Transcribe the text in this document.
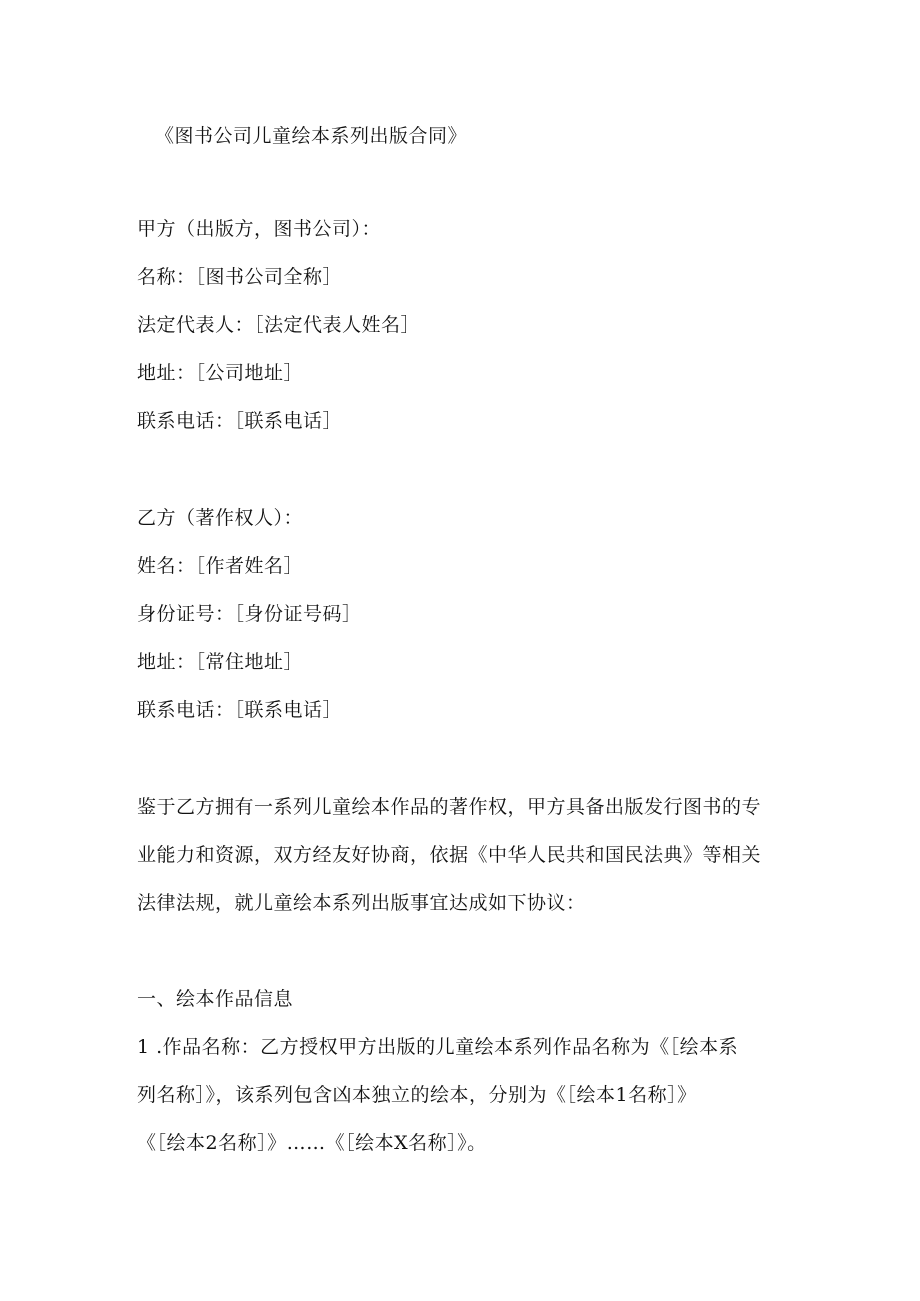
《图书公司儿童绘本系列出版合同》
甲方（出版方，图书公司）：
名称：［图书公司全称］
法定代表人：［法定代表人姓名］
地址：［公司地址］
联系电话：［联系电话］
乙方（著作权人）：
姓名：［作者姓名］
身份证号：［身份证号码］
地址：［常住地址］
联系电话：［联系电话］
鉴于乙方拥有一系列儿童绘本作品的著作权，甲方具备出版发行图书的专
业能力和资源，双方经友好协商，依据《中华人民共和国民法典》等相关
法律法规，就儿童绘本系列出版事宜达成如下协议：
一、绘本作品信息
1 .作品名称：乙方授权甲方出版的儿童绘本系列作品名称为《［绘本系
列名称］》，该系列包含凶本独立的绘本，分别为《［绘本1名称］》
《［绘本2名称］》……《［绘本X名称］》。
